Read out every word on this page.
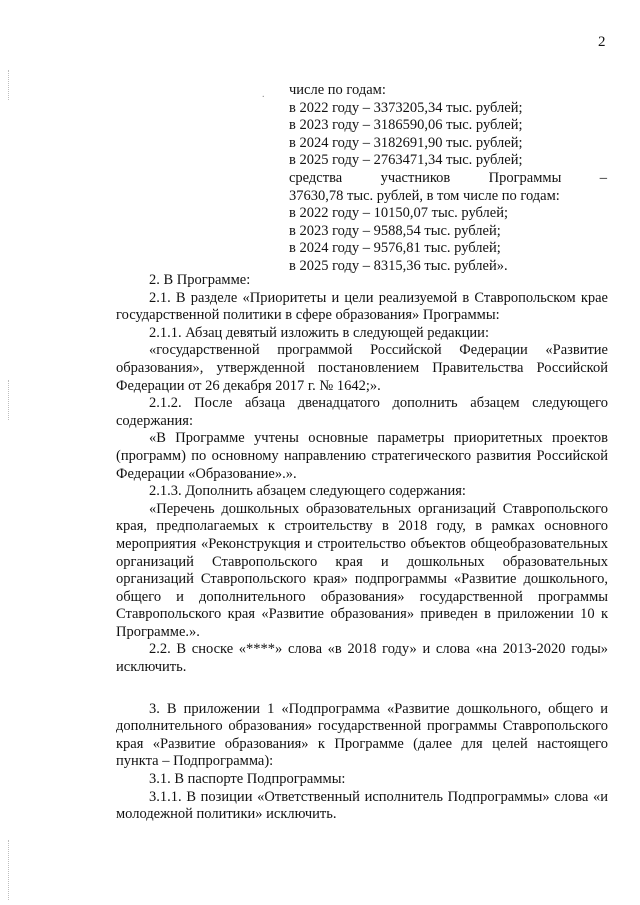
2
. числе по годам:
в 2022 году – 3373205,34 тыс. рублей;
в 2023 году – 3186590,06 тыс. рублей;
в 2024 году – 3182691,90 тыс. рублей;
в 2025 году – 2763471,34 тыс. рублей;
средства	участников	Программы	–
37630,78 тыс. рублей, в том числе по годам:
в 2022 году – 10150,07 тыс. рублей;
в 2023 году – 9588,54 тыс. рублей;
в 2024 году – 9576,81 тыс. рублей;
в 2025 году – 8315,36 тыс. рублей».

2. В Программе:

2.1. В разделе «Приоритеты и цели реализуемой в Ставропольском крае государственной политики в сфере образования» Программы:

2.1.1. Абзац девятый изложить в следующей редакции:

«государственной программой Российской Федерации «Развитие образования», утвержденной постановлением Правительства Российской Федерации от 26 декабря 2017 г. № 1642;».

2.1.2. После абзаца двенадцатого дополнить абзацем следующего содержания:

«В Программе учтены основные параметры приоритетных проектов (программ) по основному направлению стратегического развития Российской Федерации «Образование».».

2.1.3. Дополнить абзацем следующего содержания:

«Перечень дошкольных образовательных организаций Ставропольского края, предполагаемых к строительству в 2018 году, в рамках основного мероприятия «Реконструкция и строительство объектов общеобразовательных организаций Ставропольского края и дошкольных образовательных организаций Ставропольского края» подпрограммы «Развитие дошкольного, общего и дополнительного образования» государственной программы Ставропольского края «Развитие образования» приведен в приложении 10 к Программе.».

2.2. В сноске «****» слова «в 2018 году» и слова «на 2013-2020 годы» исключить.

3. В приложении 1 «Подпрограмма «Развитие дошкольного, общего и дополнительного образования» государственной программы Ставропольского края «Развитие образования» к Программе (далее для целей настоящего пункта – Подпрограмма):

3.1. В паспорте Подпрограммы:

3.1.1. В позиции «Ответственный исполнитель Подпрограммы» слова «и молодежной политики» исключить.
